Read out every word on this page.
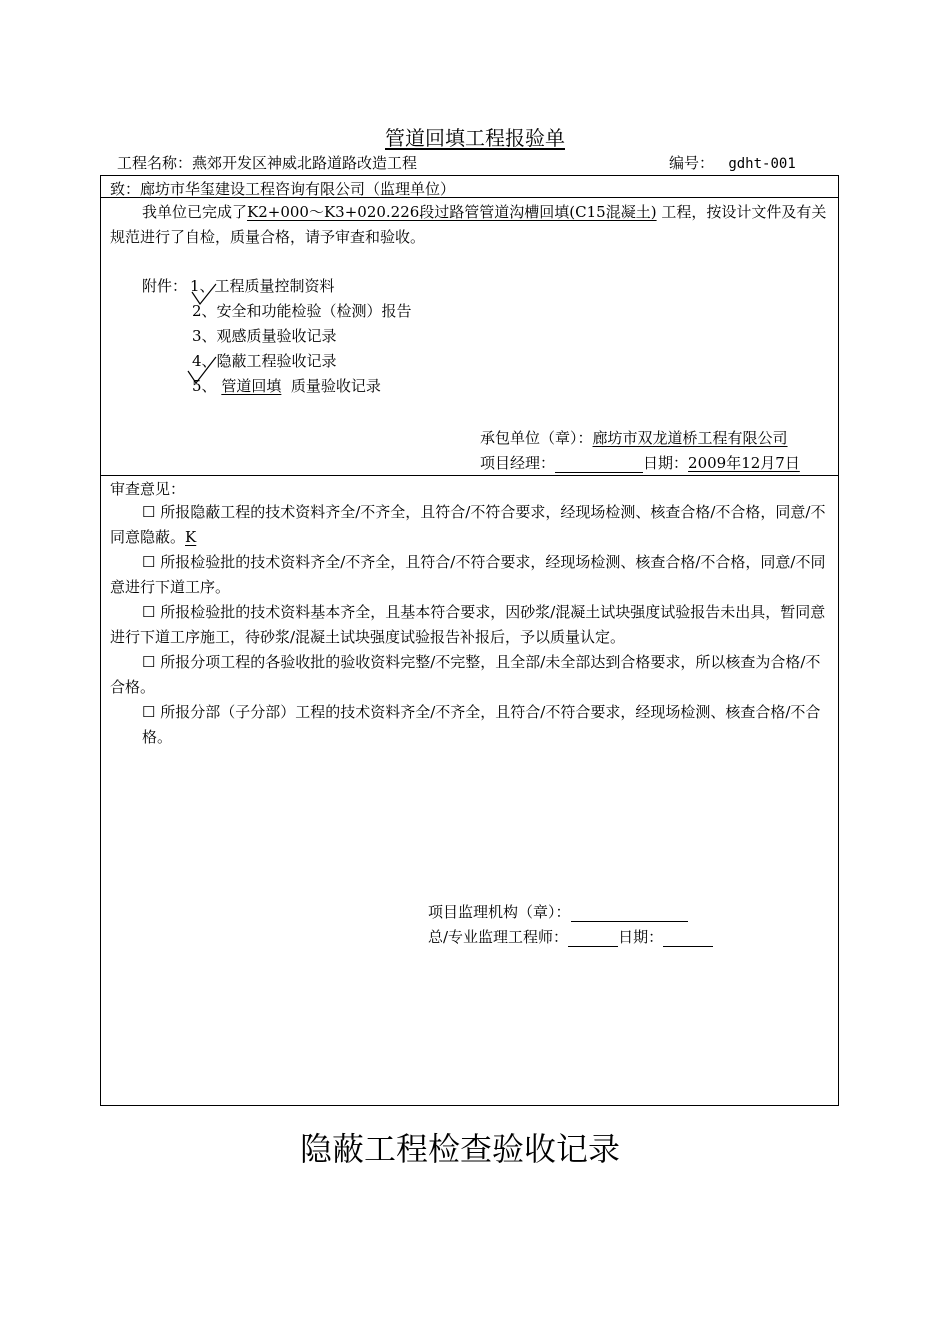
管道回填工程报验单
工程名称：燕郊开发区神威北路道路改造工程	编号： gdht-001
致：廊坊市华玺建设工程咨询有限公司（监理单位）
我单位已完成了K2+000～K3+020.226段过路管管道沟槽回填(C15混凝土) 工程，按设计文件及有关规范进行了自检，质量合格，请予审查和验收。
附件： 1、工程质量控制资料
2、安全和功能检验（检测）报告
3、观感质量验收记录
4、隐蔽工程验收记录
5、 管道回填 质量验收记录
承包单位（章）：廊坊市双龙道桥工程有限公司
项目经理：	日期：2009年12月7日
审查意见：
☐ 所报隐蔽工程的技术资料齐全/不齐全，且符合/不符合要求，经现场检测、核查合格/不合格，同意/不同意隐蔽。K
☐ 所报检验批的技术资料齐全/不齐全，且符合/不符合要求，经现场检测、核查合格/不合格，同意/不同意进行下道工序。
☐ 所报检验批的技术资料基本齐全，且基本符合要求，因砂浆/混凝土试块强度试验报告未出具，暂同意进行下道工序施工，待砂浆/混凝土试块强度试验报告补报后，予以质量认定。
☐ 所报分项工程的各验收批的验收资料完整/不完整，且全部/未全部达到合格要求，所以核查为合格/不合格。
☐ 所报分部（子分部）工程的技术资料齐全/不齐全，且符合/不符合要求，经现场检测、核查合格/不合格。
项目监理机构（章）：
总/专业监理工程师：	日期：
隐蔽工程检查验收记录
